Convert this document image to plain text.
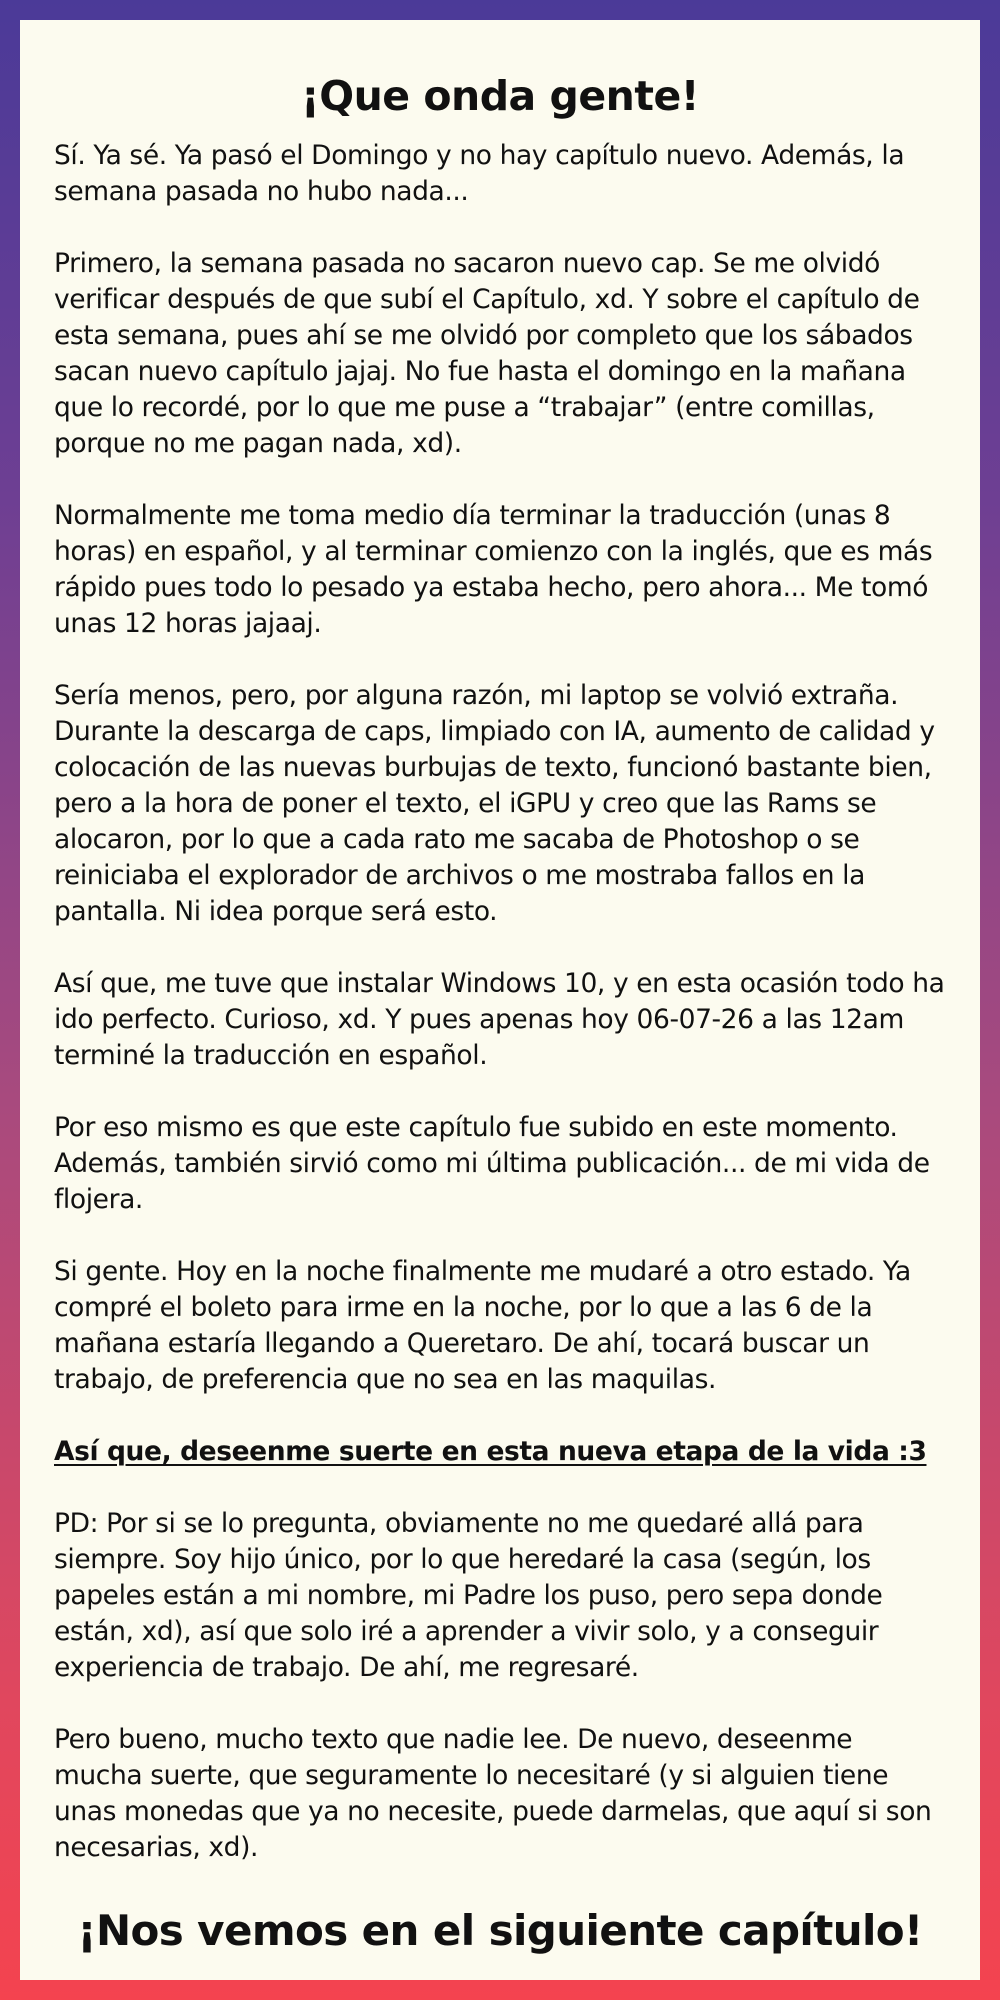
¡Que onda gente!

Sí. Ya sé. Ya pasó el Domingo y no hay capítulo nuevo. Además, la semana pasada no hubo nada...

Primero, la semana pasada no sacaron nuevo cap. Se me olvidó verificar después de que subí el Capítulo, xd. Y sobre el capítulo de esta semana, pues ahí se me olvidó por completo que los sábados sacan nuevo capítulo jajaj. No fue hasta el domingo en la mañana que lo recordé, por lo que me puse a “trabajar” (entre comillas, porque no me pagan nada, xd).

Normalmente me toma medio día terminar la traducción (unas 8 horas) en español, y al terminar comienzo con la inglés, que es más rápido pues todo lo pesado ya estaba hecho, pero ahora... Me tomó unas 12 horas jajaaj.

Sería menos, pero, por alguna razón, mi laptop se volvió extraña. Durante la descarga de caps, limpiado con IA, aumento de calidad y colocación de las nuevas burbujas de texto, funcionó bastante bien, pero a la hora de poner el texto, el iGPU y creo que las Rams se alocaron, por lo que a cada rato me sacaba de Photoshop o se reiniciaba el explorador de archivos o me mostraba fallos en la pantalla. Ni idea porque será esto.

Así que, me tuve que instalar Windows 10, y en esta ocasión todo ha ido perfecto. Curioso, xd. Y pues apenas hoy 06-07-26 a las 12am terminé la traducción en español.

Por eso mismo es que este capítulo fue subido en este momento. Además, también sirvió como mi última publicación... de mi vida de flojera.

Si gente. Hoy en la noche finalmente me mudaré a otro estado. Ya compré el boleto para irme en la noche, por lo que a las 6 de la mañana estaría llegando a Queretaro. De ahí, tocará buscar un trabajo, de preferencia que no sea en las maquilas.

Así que, deseenme suerte en esta nueva etapa de la vida :3

PD: Por si se lo pregunta, obviamente no me quedaré allá para siempre. Soy hijo único, por lo que heredaré la casa (según, los papeles están a mi nombre, mi Padre los puso, pero sepa donde están, xd), así que solo iré a aprender a vivir solo, y a conseguir experiencia de trabajo. De ahí, me regresaré.

Pero bueno, mucho texto que nadie lee. De nuevo, deseenme mucha suerte, que seguramente lo necesitaré (y si alguien tiene unas monedas que ya no necesite, puede darmelas, que aquí si son necesarias, xd).

¡Nos vemos en el siguiente capítulo!
